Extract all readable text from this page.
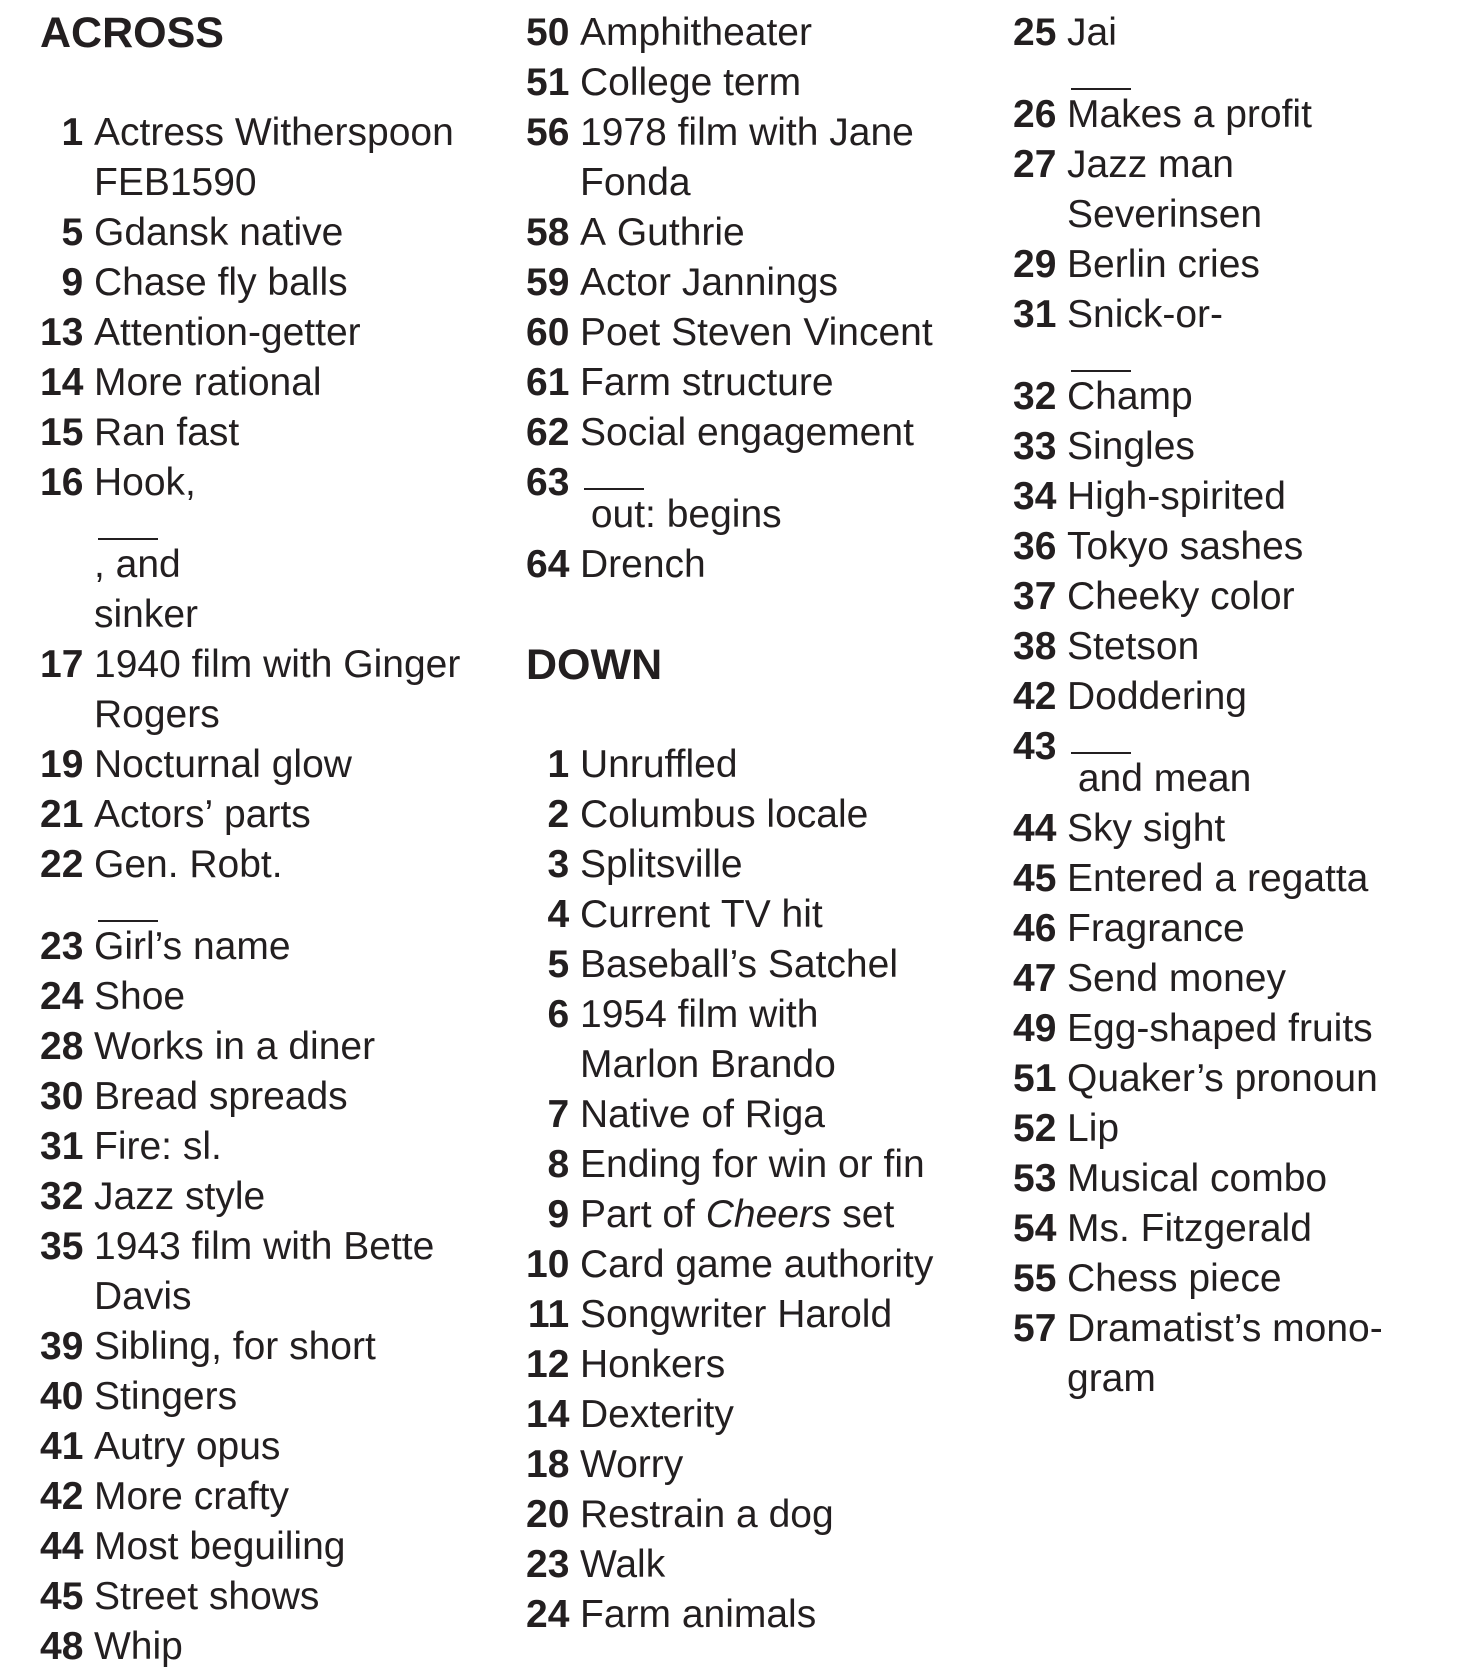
ACROSS
1 Actress Witherspoon
FEB1590
5 Gdansk native
9 Chase fly balls
13 Attention-getter
14 More rational
15 Ran fast
16 Hook,
, and
sinker
17 1940 film with Ginger
Rogers
19 Nocturnal glow
21 Actors’ parts
22 Gen. Robt.
23 Girl’s name
24 Shoe
28 Works in a diner
30 Bread spreads
31 Fire: sl.
32 Jazz style
35 1943 film with Bette
Davis
39 Sibling, for short
40 Stingers
41 Autry opus
42 More crafty
44 Most beguiling
45 Street shows
48 Whip
50 Amphitheater
51 College term
56 1978 film with Jane
Fonda
58 A Guthrie
59 Actor Jannings
60 Poet Steven Vincent
61 Farm structure
62 Social engagement
63
out: begins
64 Drench
DOWN
1 Unruffled
2 Columbus locale
3 Splitsville
4 Current TV hit
5 Baseball’s Satchel
6 1954 film with
Marlon Brando
7 Native of Riga
8 Ending for win or fin
9 Part of Cheers set
10 Card game authority
11 Songwriter Harold
12 Honkers
14 Dexterity
18 Worry
20 Restrain a dog
23 Walk
24 Farm animals
25 Jai
26 Makes a profit
27 Jazz man
Severinsen
29 Berlin cries
31 Snick-or-
32 Champ
33 Singles
34 High-spirited
36 Tokyo sashes
37 Cheeky color
38 Stetson
42 Doddering
43
and mean
44 Sky sight
45 Entered a regatta
46 Fragrance
47 Send money
49 Egg-shaped fruits
51 Quaker’s pronoun
52 Lip
53 Musical combo
54 Ms. Fitzgerald
55 Chess piece
57 Dramatist’s mono-
gram
